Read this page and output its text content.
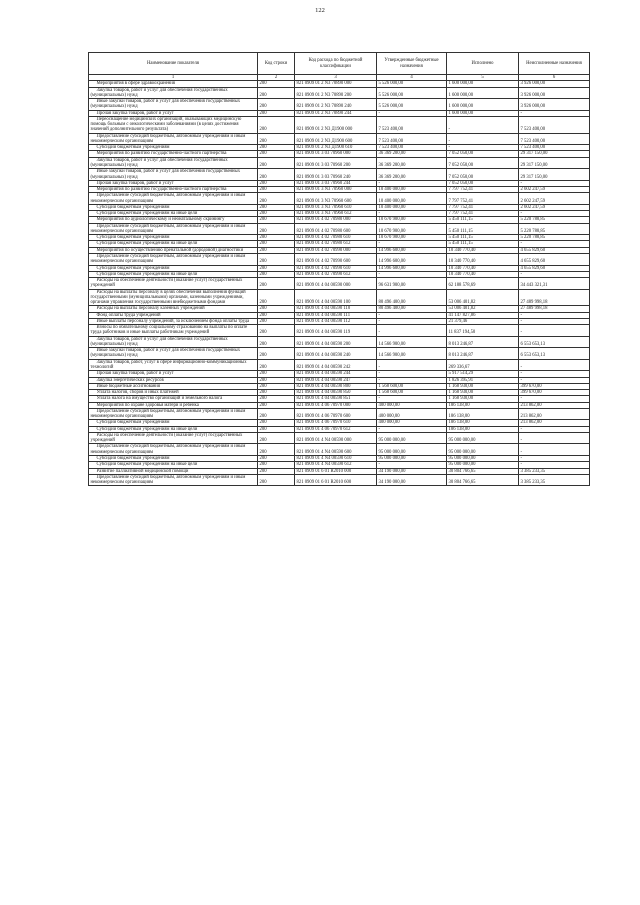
122
Наименование показателя	Код строки	Код расхода по бюджетной классификации	Утвержденные бюджетные назначения	Исполнено	Неисполненные назначения
1	2	3	4	5	6
Мероприятия в сфере здравоохранения	200	821 0909 01 2 N3 70890 000	5 526 000,00	1 600 000,00	3 926 000,00
Закупка товаров, работ и услуг для обеспечения государственных (муниципальных) нужд	200	821 0909 01 2 N3 70890 200	5 526 000,00	1 600 000,00	3 926 000,00
Иные закупки товаров, работ и услуг для обеспечения государственных (муниципальных) нужд	200	821 0909 01 2 N3 70890 240	5 526 000,00	1 600 000,00	3 926 000,00
Прочая закупка товаров, работ и услуг	200	821 0909 01 2 N3 70890 244	-	1 600 000,00	-
Переоснащение медицинских организаций, оказывающих медицинскую помощь больным с онкологическими заболеваниями (в целях достижения значений дополнительного результата)	200	821 0909 01 2 N3 Д1900 000	7 523 400,00	-	7 523 400,00
Предоставление субсидий бюджетным, автономным учреждениям и иным некоммерческим организациям	200	821 0909 01 2 N3 Д1900 600	7 523 400,00	-	7 523 400,00
Субсидии бюджетным учреждениям	200	821 0909 01 2 N3 Д1900 610	7 523 400,00	-	7 523 400,00
Мероприятия по развитию государственно-частного партнерства	200	821 0909 01 3 03 70960 000	36 369 200,00	7 052 050,00	29 317 150,00
Закупка товаров, работ и услуг для обеспечения государственных (муниципальных) нужд	200	821 0909 01 3 03 70960 200	36 369 200,00	7 052 050,00	29 317 150,00
Иные закупки товаров, работ и услуг для обеспечения государственных (муниципальных) нужд	200	821 0909 01 3 03 70960 240	36 369 200,00	7 052 050,00	29 317 150,00
Прочая закупка товаров, работ и услуг	200	821 0909 01 3 03 70960 244	-	7 052 050,00	-
Мероприятия по развитию государственно-частного партнерства	200	821 0909 01 3 N3 70960 000	10 400 000,00	7 797 752,41	2 602 247,59
Предоставление субсидий бюджетным, автономным учреждениям и иным некоммерческим организациям	200	821 0909 01 3 N3 70960 600	10 400 000,00	7 797 752,41	2 602 247,59
Субсидии бюджетным учреждениям	200	821 0909 01 3 N3 70960 610	10 400 000,00	7 797 752,41	2 602 247,59
Субсидии бюджетным учреждениям на иные цели	200	821 0909 01 3 N3 70960 612	-	7 797 752,41	-
Мероприятия по аудиологическому и неонатальному скринингу	200	821 0909 01 4 02 70980 000	10 670 900,00	5 450 111,15	5 220 788,85
Предоставление субсидий бюджетным, автономным учреждениям и иным некоммерческим организациям	200	821 0909 01 4 02 70980 600	10 670 900,00	5 450 111,15	5 220 788,85
Субсидии бюджетным учреждениям	200	821 0909 01 4 02 70980 610	10 670 900,00	5 450 111,15	5 220 788,85
Субсидии бюджетным учреждениям на иные цели	200	821 0909 01 4 02 70980 612	-	5 450 111,15	-
Мероприятия по осуществлению пренатальной (дородовой) диагностики	200	821 0909 01 4 02 70990 000	14 996 600,00	10 340 770,40	4 655 829,60
Предоставление субсидий бюджетным, автономным учреждениям и иным некоммерческим организациям	200	821 0909 01 4 02 70990 600	14 996 600,00	10 340 770,40	4 655 829,60
Субсидии бюджетным учреждениям	200	821 0909 01 4 02 70990 610	14 996 600,00	10 340 770,40	4 655 829,60
Субсидии бюджетным учреждениям на иные цели	200	821 0909 01 4 02 70990 612	-	10 340 770,40	-
Расходы на обеспечение деятельности (оказание услуг) государственных учреждений	200	821 0909 01 4 04 00590 000	96 631 900,00	62 188 578,69	34 443 321,31
Расходы на выплаты персоналу в целях обеспечения выполнения функций государственными (муниципальными) органами, казенными учреждениями, органами управления государственными внебюджетными фондами	200	821 0909 01 4 04 00590 100	80 496 400,00	53 006 401,82	27 489 998,18
Расходы на выплаты персоналу казенных учреждений	200	821 0909 01 4 04 00590 110	80 496 400,00	53 006 401,82	27 489 998,18
Фонд оплаты труда учреждений	200	821 0909 01 4 04 00590 111	-	41 147 827,86	-
Иные выплаты персоналу учреждений, за исключением фонда оплаты труда	200	821 0909 01 4 04 00590 112	-	21 379,46	-
Взносы по обязательному социальному страхованию на выплаты по оплате труда работников и иные выплаты работникам учреждений	200	821 0909 01 4 04 00590 119	-	11 837 194,50	-
Закупка товаров, работ и услуг для обеспечения государственных (муниципальных) нужд	200	821 0909 01 4 04 00590 200	14 566 900,00	8 013 246,87	6 553 653,13
Иные закупки товаров, работ и услуг для обеспечения государственных (муниципальных) нужд	200	821 0909 01 4 04 00590 240	14 566 900,00	8 013 246,87	6 553 653,13
Закупка товаров, работ, услуг в сфере информационно-коммуникационных технологий	200	821 0909 01 4 04 00590 242	-	269 336,67	-
Прочая закупка товаров, работ и услуг	200	821 0909 01 4 04 00590 244	-	5 917 514,29	-
Закупка энергетических ресурсов	200	821 0909 01 4 04 00590 247	-	1 826 395,91	-
Иные бюджетные ассигнования	200	821 0909 01 4 04 00590 800	1 568 600,00	1 168 930,00	399 670,00
Уплата налогов, сборов и иных платежей	200	821 0909 01 4 04 00590 850	1 568 600,00	1 168 930,00	399 670,00
Уплата налога на имущество организаций и земельного налога	200	821 0909 01 4 04 00590 851	-	1 168 930,00	-
Мероприятия по охране здоровья матери и ребенка	200	821 0909 01 4 06 70970 000	400 000,00	186 138,00	213 862,00
Предоставление субсидий бюджетным, автономным учреждениям и иным некоммерческим организациям	200	821 0909 01 4 06 70970 600	400 000,00	186 138,00	213 862,00
Субсидии бюджетным учреждениям	200	821 0909 01 4 06 70970 610	400 000,00	186 138,00	213 862,00
Субсидии бюджетным учреждениям на иные цели	200	821 0909 01 4 06 70970 612	-	186 138,00	-
Расходы на обеспечение деятельности (оказание услуг) государственных учреждений	200	821 0909 01 4 N4 00590 000	95 000 000,00	95 000 000,00	-
Предоставление субсидий бюджетным, автономным учреждениям и иным некоммерческим организациям	200	821 0909 01 4 N4 00590 600	95 000 000,00	95 000 000,00	-
Субсидии бюджетным учреждениям	200	821 0909 01 4 N4 00590 610	95 000 000,00	95 000 000,00	-
Субсидии бюджетным учреждениям на иные цели	200	821 0909 01 4 N4 00590 612	-	95 000 000,00	-
Развитие паллиативной медицинской помощи	200	821 0909 01 6 01 R2010 000	34 190 000,00	30 804 766,65	3 385 233,35
Предоставление субсидий бюджетным, автономным учреждениям и иным некоммерческим организациям	200	821 0909 01 6 01 R2010 600	34 190 000,00	30 804 766,65	3 385 233,35
